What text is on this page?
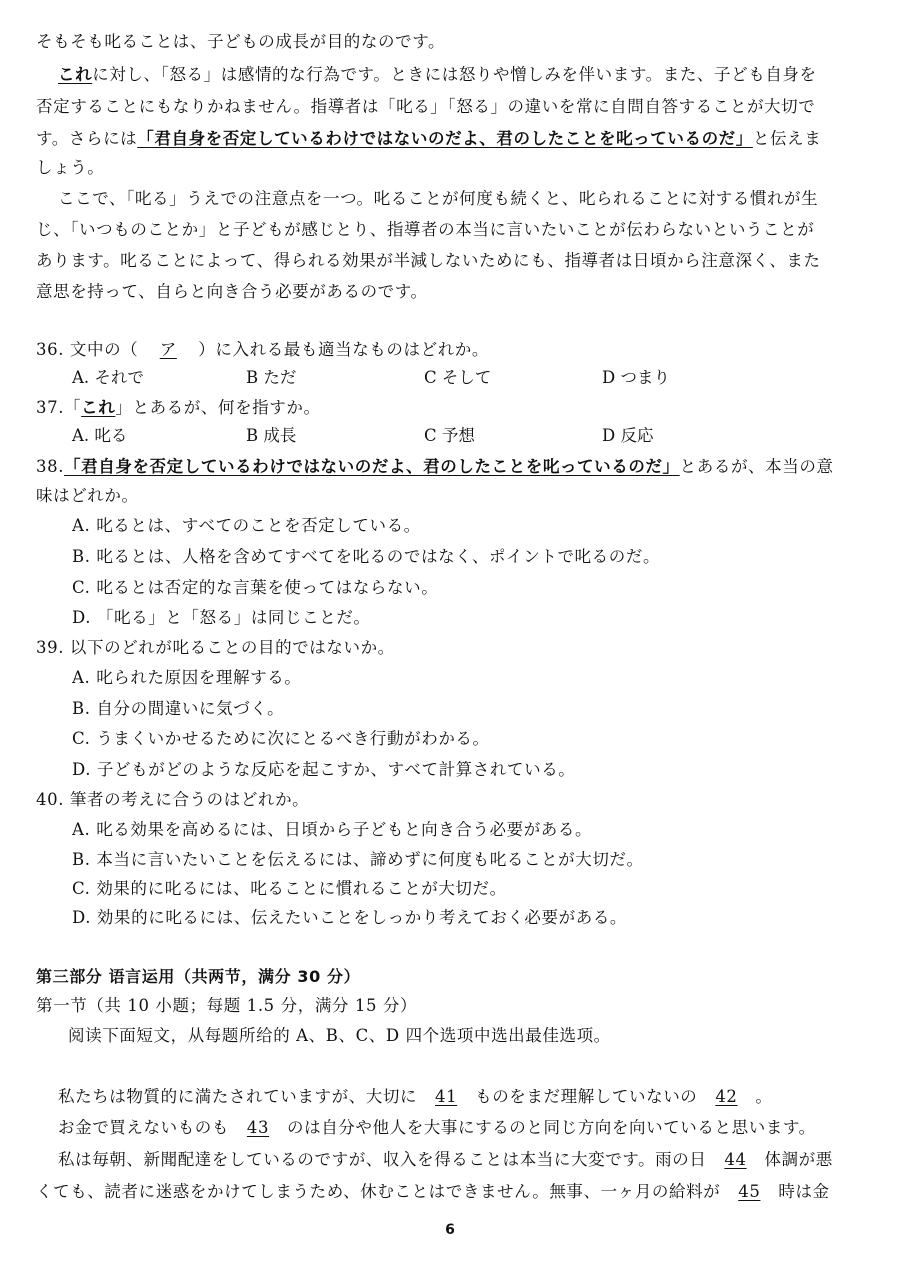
そもそも叱ることは、子どもの成長が目的なのです。
これに対し、「怒る」は感情的な行為です。ときには怒りや憎しみを伴います。また、子ども自身を
否定することにもなりかねません。指導者は「叱る」「怒る」の違いを常に自問自答することが大切で
す。さらには「君自身を否定しているわけではないのだよ、君のしたことを叱っているのだ」と伝えま
しょう。
ここで、「叱る」うえでの注意点を一つ。叱ることが何度も続くと、叱られることに対する慣れが生
じ、「いつものことか」と子どもが感じとり、指導者の本当に言いたいことが伝わらないということが
あります。叱ることによって、得られる効果が半減しないためにも、指導者は日頃から注意深く、また
意思を持って、自らと向き合う必要があるのです。
36. 文中の（ ア ）に入れる最も適当なものはどれか。
A. それで	B ただ	C そして	D つまり
37.「これ」とあるが、何を指すか。
A. 叱る	B 成長	C 予想	D 反応
38.「君自身を否定しているわけではないのだよ、君のしたことを叱っているのだ」とあるが、本当の意
味はどれか。
A. 叱るとは、すべてのことを否定している。
B. 叱るとは、人格を含めてすべてを叱るのではなく、ポイントで叱るのだ。
C. 叱るとは否定的な言葉を使ってはならない。
D. 「叱る」と「怒る」は同じことだ。
39. 以下のどれが叱ることの目的ではないか。
A. 叱られた原因を理解する。
B. 自分の間違いに気づく。
C. うまくいかせるために次にとるべき行動がわかる。
D. 子どもがどのような反応を起こすか、すべて計算されている。
40. 筆者の考えに合うのはどれか。
A. 叱る効果を高めるには、日頃から子どもと向き合う必要がある。
B. 本当に言いたいことを伝えるには、諦めずに何度も叱ることが大切だ。
C. 効果的に叱るには、叱ることに慣れることが大切だ。
D. 効果的に叱るには、伝えたいことをしっかり考えておく必要がある。
第三部分 语言运用（共两节，满分 30 分）
第一节（共 10 小题；每题 1.5 分，满分 15 分）
阅读下面短文，从每题所给的 A、B、C、D 四个选项中选出最佳选项。
私たちは物質的に満たされていますが、大切に 41 ものをまだ理解していないの 42 。
お金で買えないものも 43 のは自分や他人を大事にするのと同じ方向を向いていると思います。
私は毎朝、新聞配達をしているのですが、収入を得ることは本当に大変です。雨の日 44 体調が悪
くても、読者に迷惑をかけてしまうため、休むことはできません。無事、一ヶ月の給料が 45 時は金
6
